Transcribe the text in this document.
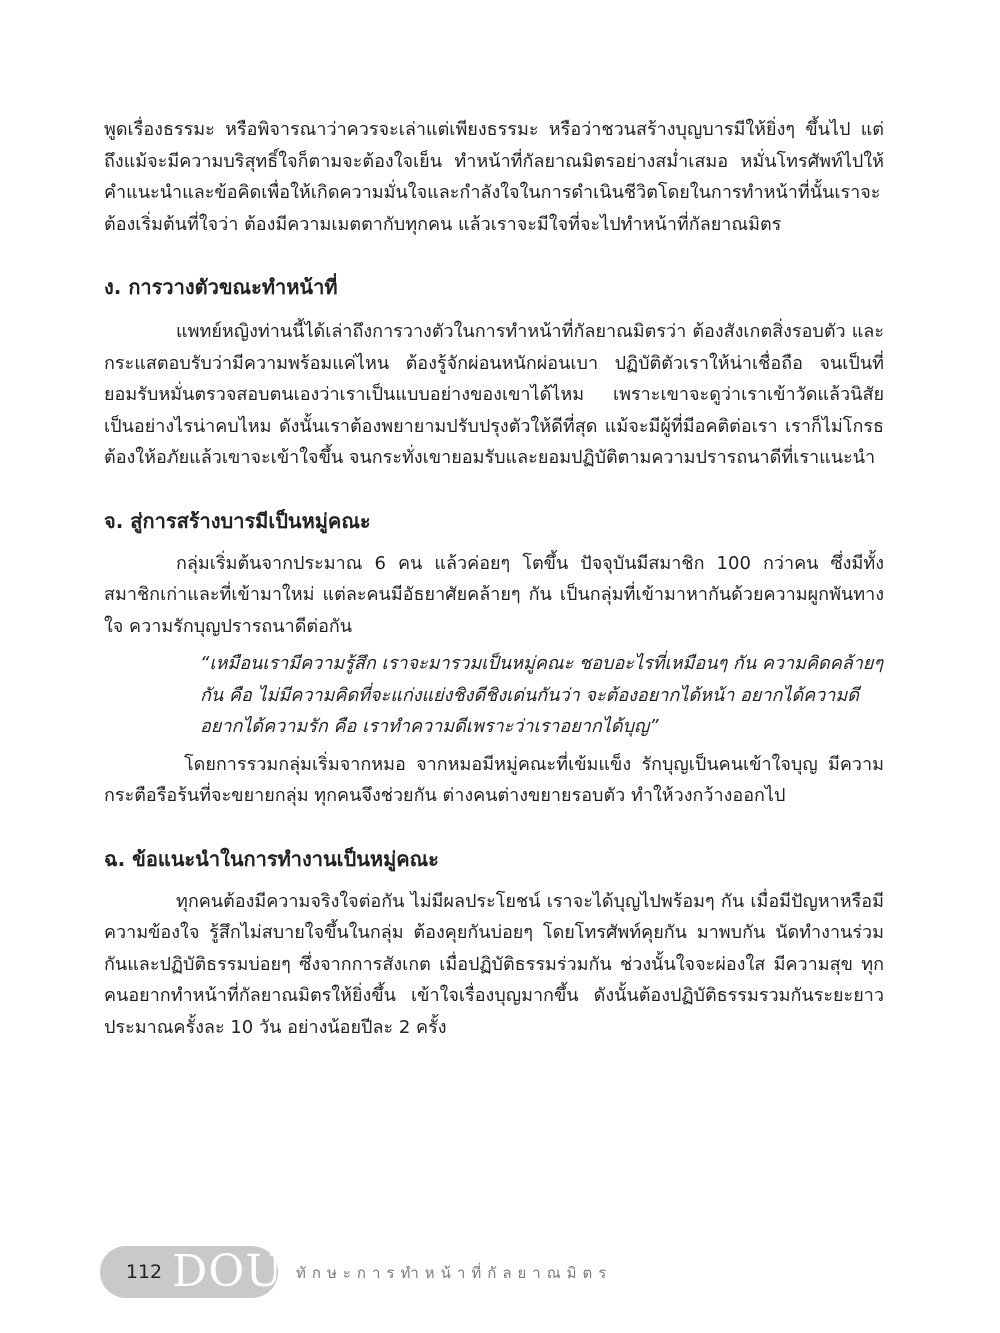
พูดเรื่องธรรมะ หรือพิจารณาว่าควรจะเล่าแต่เพียงธรรมะ หรือว่าชวนสร้างบุญบารมีให้ยิ่งๆ ขึ้นไป แต่ถึงแม้จะมีความบริสุทธิ์ใจก็ตามจะต้องใจเย็น ทำหน้าที่กัลยาณมิตรอย่างสม่ำเสมอ หมั่นโทรศัพท์ไปให้คำแนะนำและข้อคิดเพื่อให้เกิดความมั่นใจและกำลังใจในการดำเนินชีวิตโดยในการทำหน้าที่นั้นเราจะต้องเริ่มต้นที่ใจว่า ต้องมีความเมตตากับทุกคน แล้วเราจะมีใจที่จะไปทำหน้าที่กัลยาณมิตร

ง. การวางตัวขณะทำหน้าที่

แพทย์หญิงท่านนี้ได้เล่าถึงการวางตัวในการทำหน้าที่กัลยาณมิตรว่า ต้องสังเกตสิ่งรอบตัว และกระแสตอบรับว่ามีความพร้อมแค่ไหน ต้องรู้จักผ่อนหนักผ่อนเบา ปฏิบัติตัวเราให้น่าเชื่อถือ จนเป็นที่ยอมรับหมั่นตรวจสอบตนเองว่าเราเป็นแบบอย่างของเขาได้ไหม เพราะเขาจะดูว่าเราเข้าวัดแล้วนิสัยเป็นอย่างไรน่าคบไหม ดังนั้นเราต้องพยายามปรับปรุงตัวให้ดีที่สุด แม้จะมีผู้ที่มีอคติต่อเรา เราก็ไม่โกรธ ต้องให้อภัยแล้วเขาจะเข้าใจขึ้น จนกระทั่งเขายอมรับและยอมปฏิบัติตามความปรารถนาดีที่เราแนะนำ

จ. สู่การสร้างบารมีเป็นหมู่คณะ

กลุ่มเริ่มต้นจากประมาณ 6 คน แล้วค่อยๆ โตขึ้น ปัจจุบันมีสมาชิก 100 กว่าคน ซึ่งมีทั้งสมาชิกเก่าและที่เข้ามาใหม่ แต่ละคนมีอัธยาศัยคล้ายๆ กัน เป็นกลุ่มที่เข้ามาหากันด้วยความผูกพันทางใจ ความรักบุญปรารถนาดีต่อกัน

“เหมือนเรามีความรู้สึก เราจะมารวมเป็นหมู่คณะ ชอบอะไรที่เหมือนๆ กัน ความคิดคล้ายๆ กัน คือ ไม่มีความคิดที่จะแก่งแย่งชิงดีชิงเด่นกันว่า จะต้องอยากได้หน้า อยากได้ความดี อยากได้ความรัก คือ เราทำความดีเพราะว่าเราอยากได้บุญ”

โดยการรวมกลุ่มเริ่มจากหมอ จากหมอมีหมู่คณะที่เข้มแข็ง รักบุญเป็นคนเข้าใจบุญ มีความกระตือรือร้นที่จะขยายกลุ่ม ทุกคนจึงช่วยกัน ต่างคนต่างขยายรอบตัว ทำให้วงกว้างออกไป

ฉ. ข้อแนะนำในการทำงานเป็นหมู่คณะ

ทุกคนต้องมีความจริงใจต่อกัน ไม่มีผลประโยชน์ เราจะได้บุญไปพร้อมๆ กัน เมื่อมีปัญหาหรือมีความข้องใจ รู้สึกไม่สบายใจขึ้นในกลุ่ม ต้องคุยกันบ่อยๆ โดยโทรศัพท์คุยกัน มาพบกัน นัดทำงานร่วมกันและปฏิบัติธรรมบ่อยๆ ซึ่งจากการสังเกต เมื่อปฏิบัติธรรมร่วมกัน ช่วงนั้นใจจะผ่องใส มีความสุข ทุกคนอยากทำหน้าที่กัลยาณมิตรให้ยิ่งขึ้น เข้าใจเรื่องบุญมากขึ้น ดังนั้นต้องปฏิบัติธรรมรวมกันระยะยาวประมาณครั้งละ 10 วัน อย่างน้อยปีละ 2 ครั้ง

112 DOU ทักษะการทำหน้าที่กัลยาณมิตร
